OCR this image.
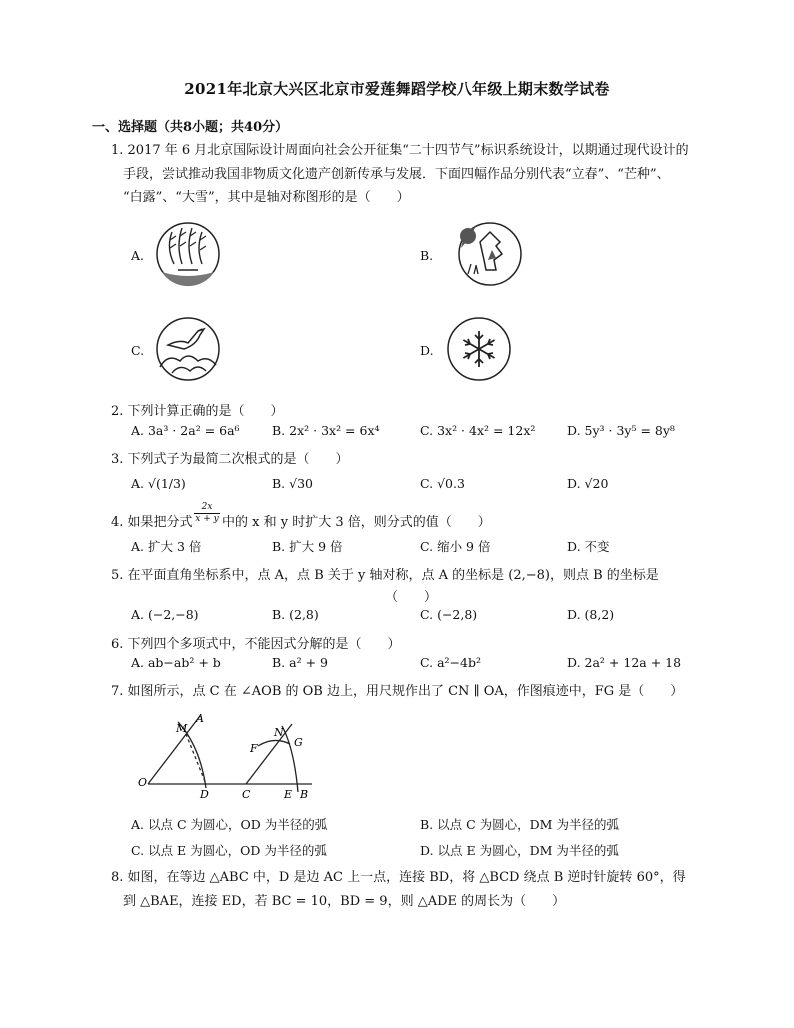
2021年北京大兴区北京市爱莲舞蹈学校八年级上期末数学试卷
一、选择题（共8小题；共40分）
1. 2017 年 6 月北京国际设计周面向社会公开征集“二十四节气”标识系统设计，以期通过现代设计的
手段，尝试推动我国非物质文化遗产创新传承与发展．下面四幅作品分别代表“立春”、“芒种”、
“白露”、“大雪”，其中是轴对称图形的是（　　）
A.	B.
C.	D.
2. 下列计算正确的是（　　）
A. 3a³ · 2a² = 6a⁶	B. 2x² · 3x² = 6x⁴	C. 3x² · 4x² = 12x²	D. 5y³ · 3y⁵ = 8y⁸
3. 下列式子为最简二次根式的是（　　）
A. √(1/3)	B. √30	C. √0.3	D. √20
4. 如果把分式 $\frac{2x}{x + y}$ 中的 x 和 y 时扩大 3 倍，则分式的值（　　）
A. 扩大 3 倍	B. 扩大 9 倍	C. 缩小 9 倍	D. 不变
5. 在平面直角坐标系中，点 A，点 B 关于 y 轴对称，点 A 的坐标是 (2,−8)，则点 B 的坐标是
（　　）
A. (−2,−8)	B. (2,8)	C. (−2,8)	D. (8,2)
6. 下列四个多项式中，不能因式分解的是（　　）
A. ab−ab² + b	B. a² + 9	C. a²−4b²	D. 2a² + 12a + 18
7. 如图所示，点 C 在 ∠AOB 的 OB 边上，用尺规作出了 CN ∥ OA，作图痕迹中，FG 是（　　）
M
A
N
F	G
O
D	C	E B
A. 以点 C 为圆心，OD 为半径的弧	B. 以点 C 为圆心，DM 为半径的弧
C. 以点 E 为圆心，OD 为半径的弧	D. 以点 E 为圆心，DM 为半径的弧
8. 如图，在等边 △ABC 中，D 是边 AC 上一点，连接 BD，将 △BCD 绕点 B 逆时针旋转 60°，得
到 △BAE，连接 ED，若 BC = 10，BD = 9，则 △ADE 的周长为（　　）
